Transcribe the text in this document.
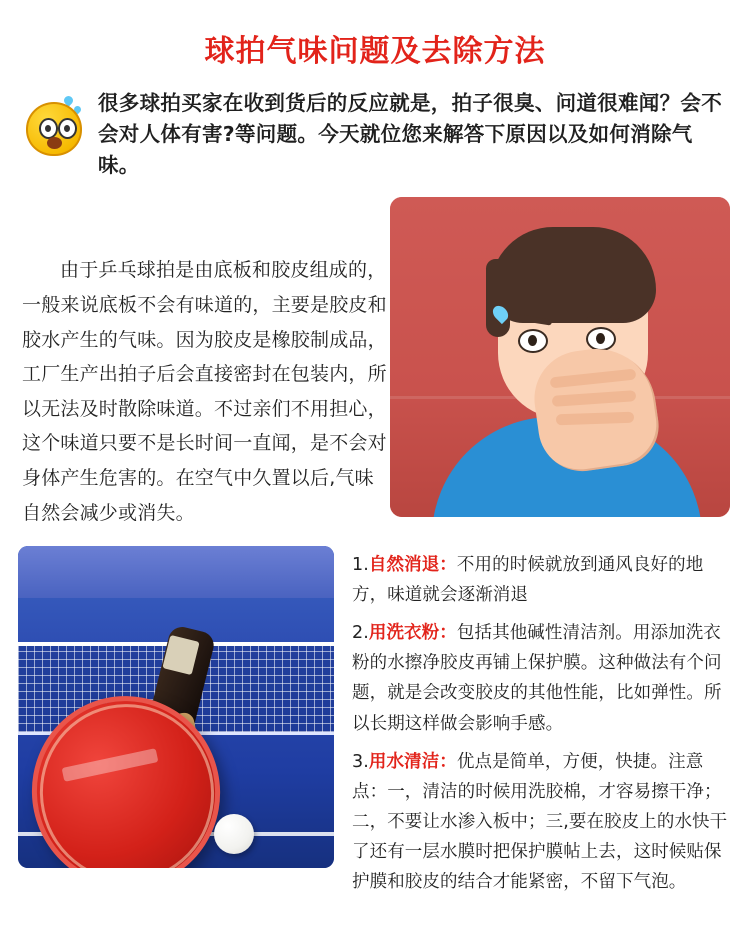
球拍气味问题及去除方法
很多球拍买家在收到货后的反应就是，拍子很臭、问道很难闻？会不会对人体有害?等问题。今天就位您来解答下原因以及如何消除气味。
由于乒乓球拍是由底板和胶皮组成的，一般来说底板不会有味道的，主要是胶皮和胶水产生的气味。因为胶皮是橡胶制成品，工厂生产出拍子后会直接密封在包装内，所以无法及时散除味道。不过亲们不用担心，这个味道只要不是长时间一直闻，是不会对身体产生危害的。在空气中久置以后,气味自然会减少或消失。
1.自然消退：不用的时候就放到通风良好的地方，味道就会逐渐消退
2.用洗衣粉：包括其他碱性清洁剂。用添加洗衣粉的水擦净胶皮再铺上保护膜。这种做法有个问题，就是会改变胶皮的其他性能，比如弹性。所以长期这样做会影响手感。
3.用水清洁：优点是简单，方便，快捷。注意点：一，清洁的时候用洗胶棉，才容易擦干净；二，不要让水渗入板中；三,要在胶皮上的水快干了还有一层水膜时把保护膜帖上去，这时候贴保护膜和胶皮的结合才能紧密，不留下气泡。
